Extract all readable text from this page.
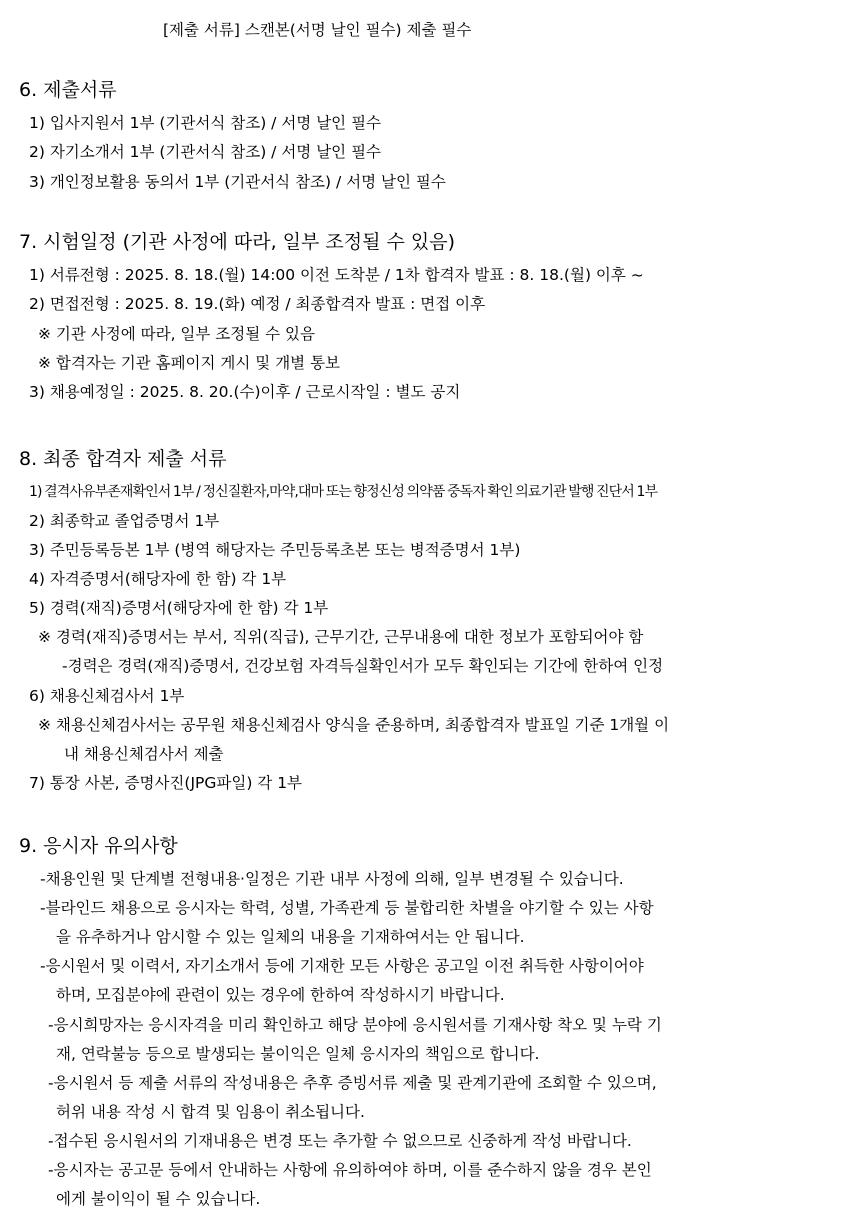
[제출 서류] 스캔본(서명 날인 필수) 제출 필수
6. 제출서류
1) 입사지원서 1부 (기관서식 참조) / 서명 날인 필수
2) 자기소개서 1부 (기관서식 참조) / 서명 날인 필수
3) 개인정보활용 동의서 1부 (기관서식 참조) / 서명 날인 필수
7. 시험일정 (기관 사정에 따라, 일부 조정될 수 있음)
1) 서류전형 : 2025. 8. 18.(월) 14:00 이전 도착분 / 1차 합격자 발표 : 8. 18.(월) 이후 ~
2) 면접전형 : 2025. 8. 19.(화) 예정 / 최종합격자 발표 : 면접 이후
※ 기관 사정에 따라, 일부 조정될 수 있음
※ 합격자는 기관 홈페이지 게시 및 개별 통보
3) 채용예정일 : 2025. 8. 20.(수)이후 / 근로시작일 : 별도 공지
8. 최종 합격자 제출 서류
1) 결격사유부존재확인서 1부 / 정신질환자,마약,대마 또는 향정신성 의약품 중독자 확인 의료기관 발행 진단서 1부
2) 최종학교 졸업증명서 1부
3) 주민등록등본 1부 (병역 해당자는 주민등록초본 또는 병적증명서 1부)
4) 자격증명서(해당자에 한 함) 각 1부
5) 경력(재직)증명서(해당자에 한 함) 각 1부
※ 경력(재직)증명서는 부서, 직위(직급), 근무기간, 근무내용에 대한 정보가 포함되어야 함
-경력은 경력(재직)증명서, 건강보험 자격득실확인서가 모두 확인되는 기간에 한하여 인정
6) 채용신체검사서 1부
※ 채용신체검사서는 공무원 채용신체검사 양식을 준용하며, 최종합격자 발표일 기준 1개월 이
내 채용신체검사서 제출
7) 통장 사본, 증명사진(JPG파일) 각 1부
9. 응시자 유의사항
-채용인원 및 단계별 전형내용·일정은 기관 내부 사정에 의해, 일부 변경될 수 있습니다.
-블라인드 채용으로 응시자는 학력, 성별, 가족관계 등 불합리한 차별을 야기할 수 있는 사항
을 유추하거나 암시할 수 있는 일체의 내용을 기재하여서는 안 됩니다.
-응시원서 및 이력서, 자기소개서 등에 기재한 모든 사항은 공고일 이전 취득한 사항이어야
하며, 모집분야에 관련이 있는 경우에 한하여 작성하시기 바랍니다.
-응시희망자는 응시자격을 미리 확인하고 해당 분야에 응시원서를 기재사항 착오 및 누락 기
재, 연락불능 등으로 발생되는 불이익은 일체 응시자의 책임으로 합니다.
-응시원서 등 제출 서류의 작성내용은 추후 증빙서류 제출 및 관계기관에 조회할 수 있으며,
허위 내용 작성 시 합격 및 임용이 취소됩니다.
-접수된 응시원서의 기재내용은 변경 또는 추가할 수 없으므로 신중하게 작성 바랍니다.
-응시자는 공고문 등에서 안내하는 사항에 유의하여야 하며, 이를 준수하지 않을 경우 본인
에게 불이익이 될 수 있습니다.
